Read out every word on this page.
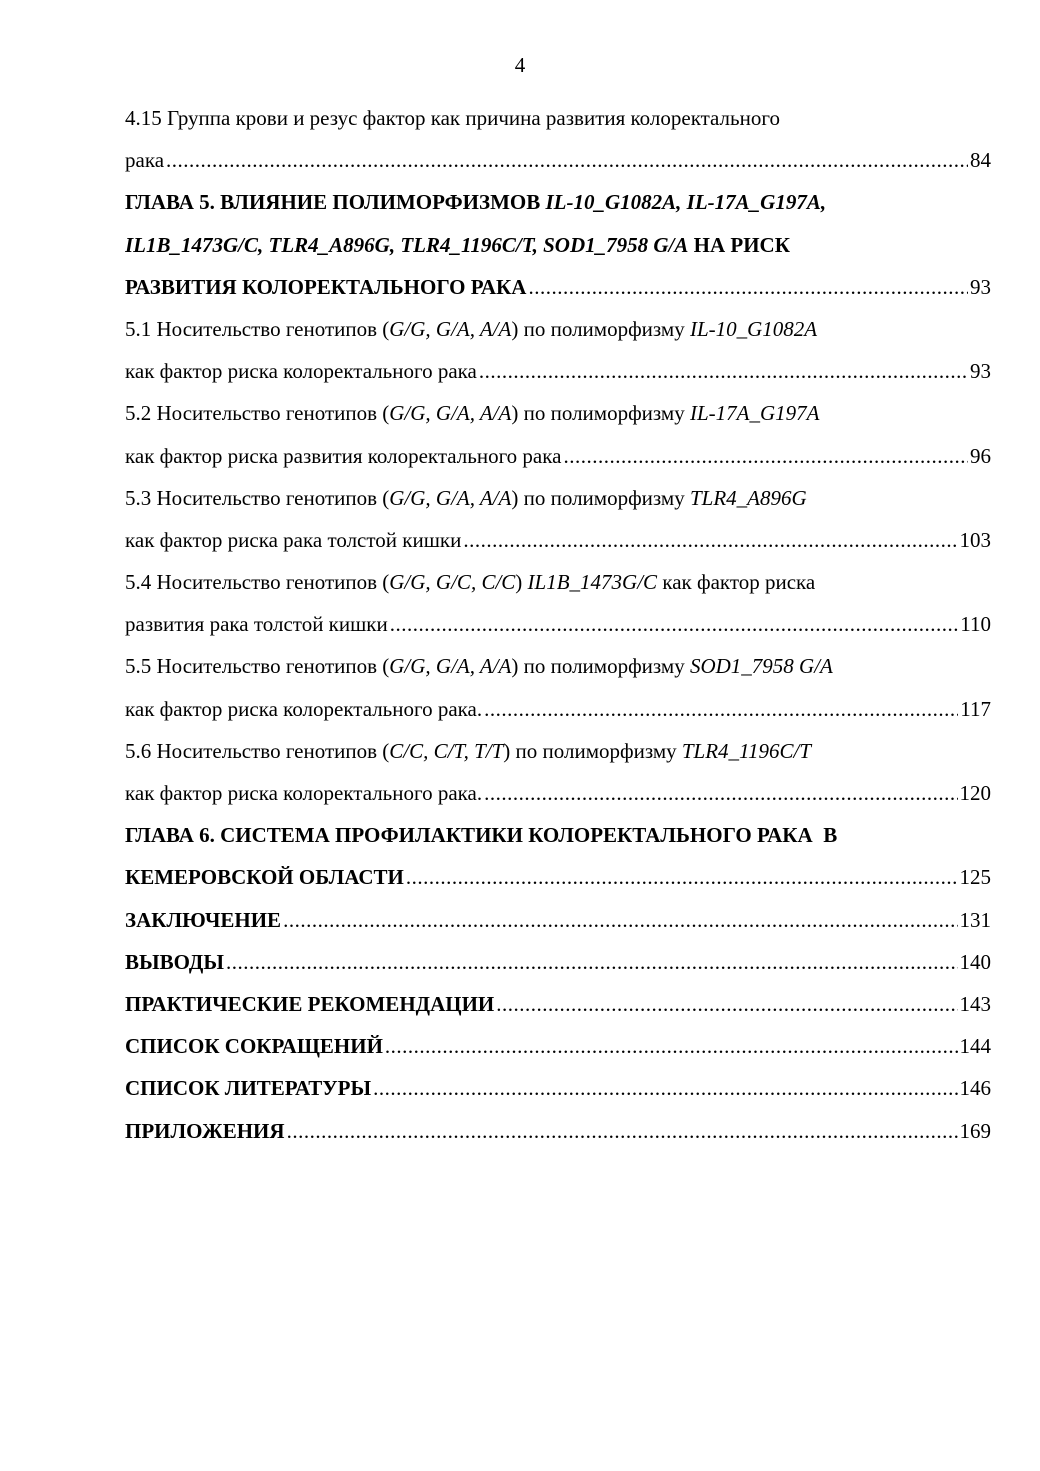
4
4.15 Группа крови и резус фактор как причина развития колоректального
рака .....	84
ГЛАВА 5. ВЛИЯНИЕ ПОЛИМОРФИЗМОВ IL-10_G1082A, IL-17A_G197A,
IL1B_1473G/C, TLR4_A896G, TLR4_1196C/T, SOD1_7958 G/A НА РИСК
РАЗВИТИЯ КОЛОРЕКТАЛЬНОГО РАКА .....	93
5.1 Носительство генотипов ( G/G, G/A, A/A ) по полиморфизму IL-10_G1082A
как фактор риска колоректального рака .....	93
5.2 Носительство генотипов ( G/G, G/A, A/A ) по полиморфизму IL-17A_G197A
как фактор риска развития колоректального рака .....	96
5.3 Носительство генотипов ( G/G, G/A, A/A ) по полиморфизму TLR4_A896G
как фактор риска рака толстой кишки .....	103
5.4 Носительство генотипов ( G/G, G/C, C/C ) IL1B_1473G/C как фактор риска
развития рака толстой кишки .....	110
5.5 Носительство генотипов ( G/G, G/A, A/A ) по полиморфизму SOD1_7958 G/A
как фактор риска колоректального рака. .....	117
5.6 Носительство генотипов ( C/C, C/T, T/T ) по полиморфизму TLR4_1196C/T
как фактор риска колоректального рака. .....	120
ГЛАВА 6. СИСТЕМА ПРОФИЛАКТИКИ КОЛОРЕКТАЛЬНОГО РАКА  В
КЕМЕРОВСКОЙ ОБЛАСТИ .....	125
ЗАКЛЮЧЕНИЕ .....	131
ВЫВОДЫ .....	140
ПРАКТИЧЕСКИЕ РЕКОМЕНДАЦИИ .....	143
СПИСОК СОКРАЩЕНИЙ .....	144
СПИСОК ЛИТЕРАТУРЫ .....	146
ПРИЛОЖЕНИЯ .....	169
